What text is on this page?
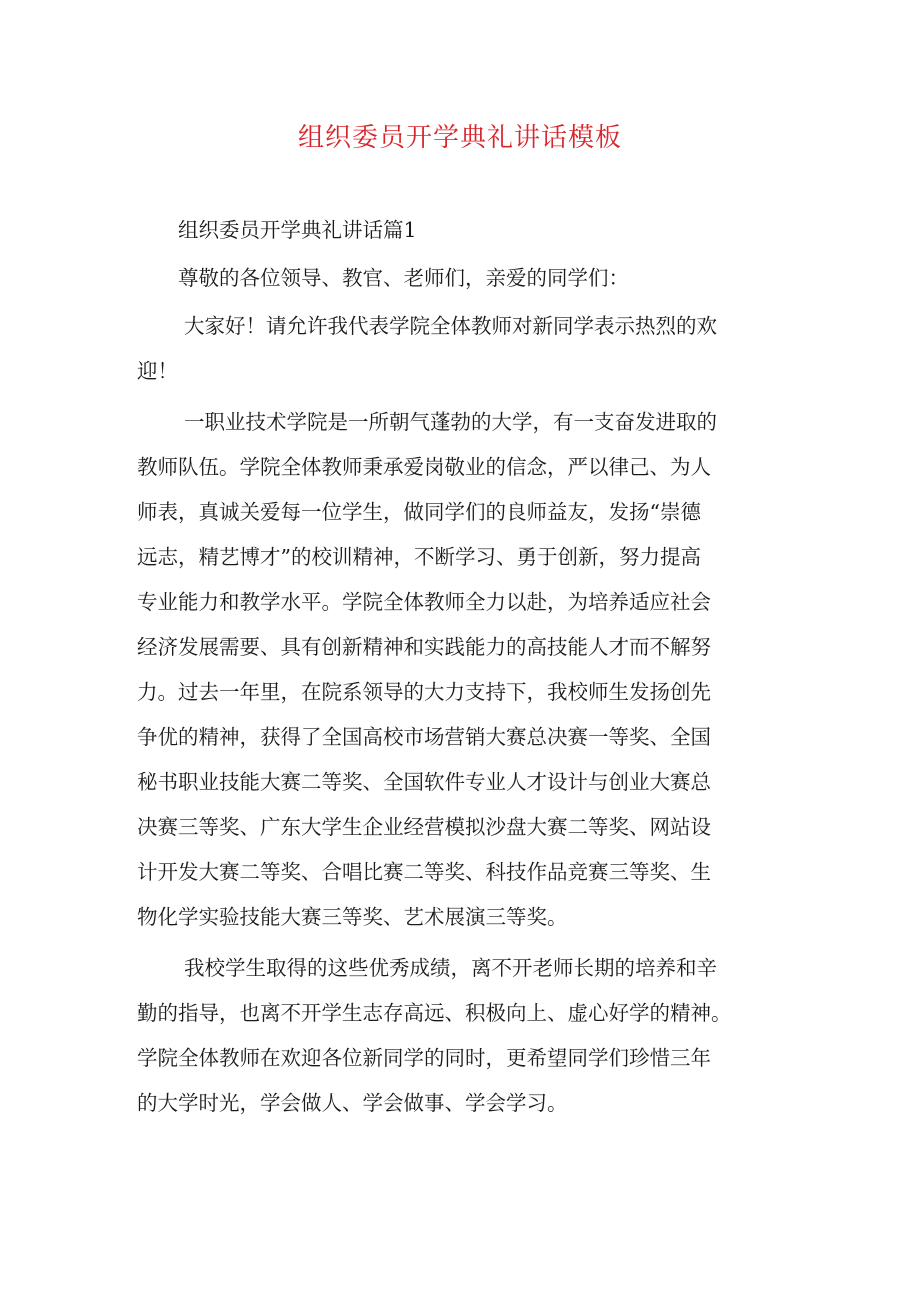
组织委员开学典礼讲话模板
组织委员开学典礼讲话篇1
尊敬的各位领导、教官、老师们，亲爱的同学们：
大家好！请允许我代表学院全体教师对新同学表示热烈的欢
迎！
一职业技术学院是一所朝气蓬勃的大学，有一支奋发进取的
教师队伍。学院全体教师秉承爱岗敬业的信念，严以律己、为人
师表，真诚关爱每一位学生，做同学们的良师益友，发扬“崇德
远志，精艺博才”的校训精神，不断学习、勇于创新，努力提高
专业能力和教学水平。学院全体教师全力以赴，为培养适应社会
经济发展需要、具有创新精神和实践能力的高技能人才而不解努
力。过去一年里，在院系领导的大力支持下，我校师生发扬创先
争优的精神，获得了全国高校市场营销大赛总决赛一等奖、全国
秘书职业技能大赛二等奖、全国软件专业人才设计与创业大赛总
决赛三等奖、广东大学生企业经营模拟沙盘大赛二等奖、网站设
计开发大赛二等奖、合唱比赛二等奖、科技作品竞赛三等奖、生
物化学实验技能大赛三等奖、艺术展演三等奖。
我校学生取得的这些优秀成绩，离不开老师长期的培养和辛
勤的指导，也离不开学生志存高远、积极向上、虚心好学的精神。
学院全体教师在欢迎各位新同学的同时，更希望同学们珍惜三年
的大学时光，学会做人、学会做事、学会学习。
